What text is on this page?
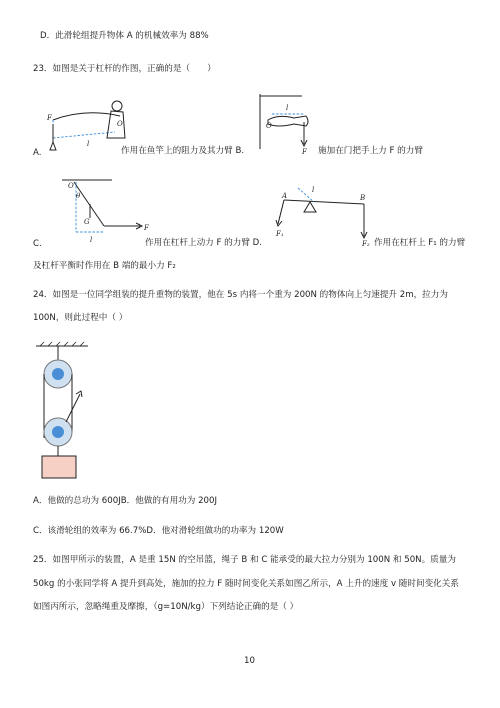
D．此滑轮组提升物体 A 的机械效率为 88%
23．如图是关于杠杆的作图，正确的是（　　）
F
l
O
A.	作用在鱼竿上的阻力及其力臂 B.
O
l
F 施加在门把手上力 F 的力臂
O
θ
G
l
F
C.	作用在杠杆上动力 F 的力臂 D.
A	B
l
F₁
F₂ 作用在杠杆上 F₁ 的力臂
及杠杆平衡时作用在 B 端的最小力 F₂
24．如图是一位同学组装的提升重物的装置，他在 5s 内将一个重为 200N 的物体向上匀速提升 2m，拉力为
100N，则此过程中（ ）
A．他做的总功为 600JB．他做的有用功为 200J
C．该滑轮组的效率为 66.7%D．他对滑轮组做功的功率为 120W
25．如图甲所示的装置，A 是重 15N 的空吊篮，绳子 B 和 C 能承受的最大拉力分别为 100N 和 50N。质量为
50kg 的小张同学将 A 提升到高处，施加的拉力 F 随时间变化关系如图乙所示，A 上升的速度 v 随时间变化关系
如图丙所示，忽略绳重及摩擦，（g=10N/kg）下列结论正确的是（ ）
10
